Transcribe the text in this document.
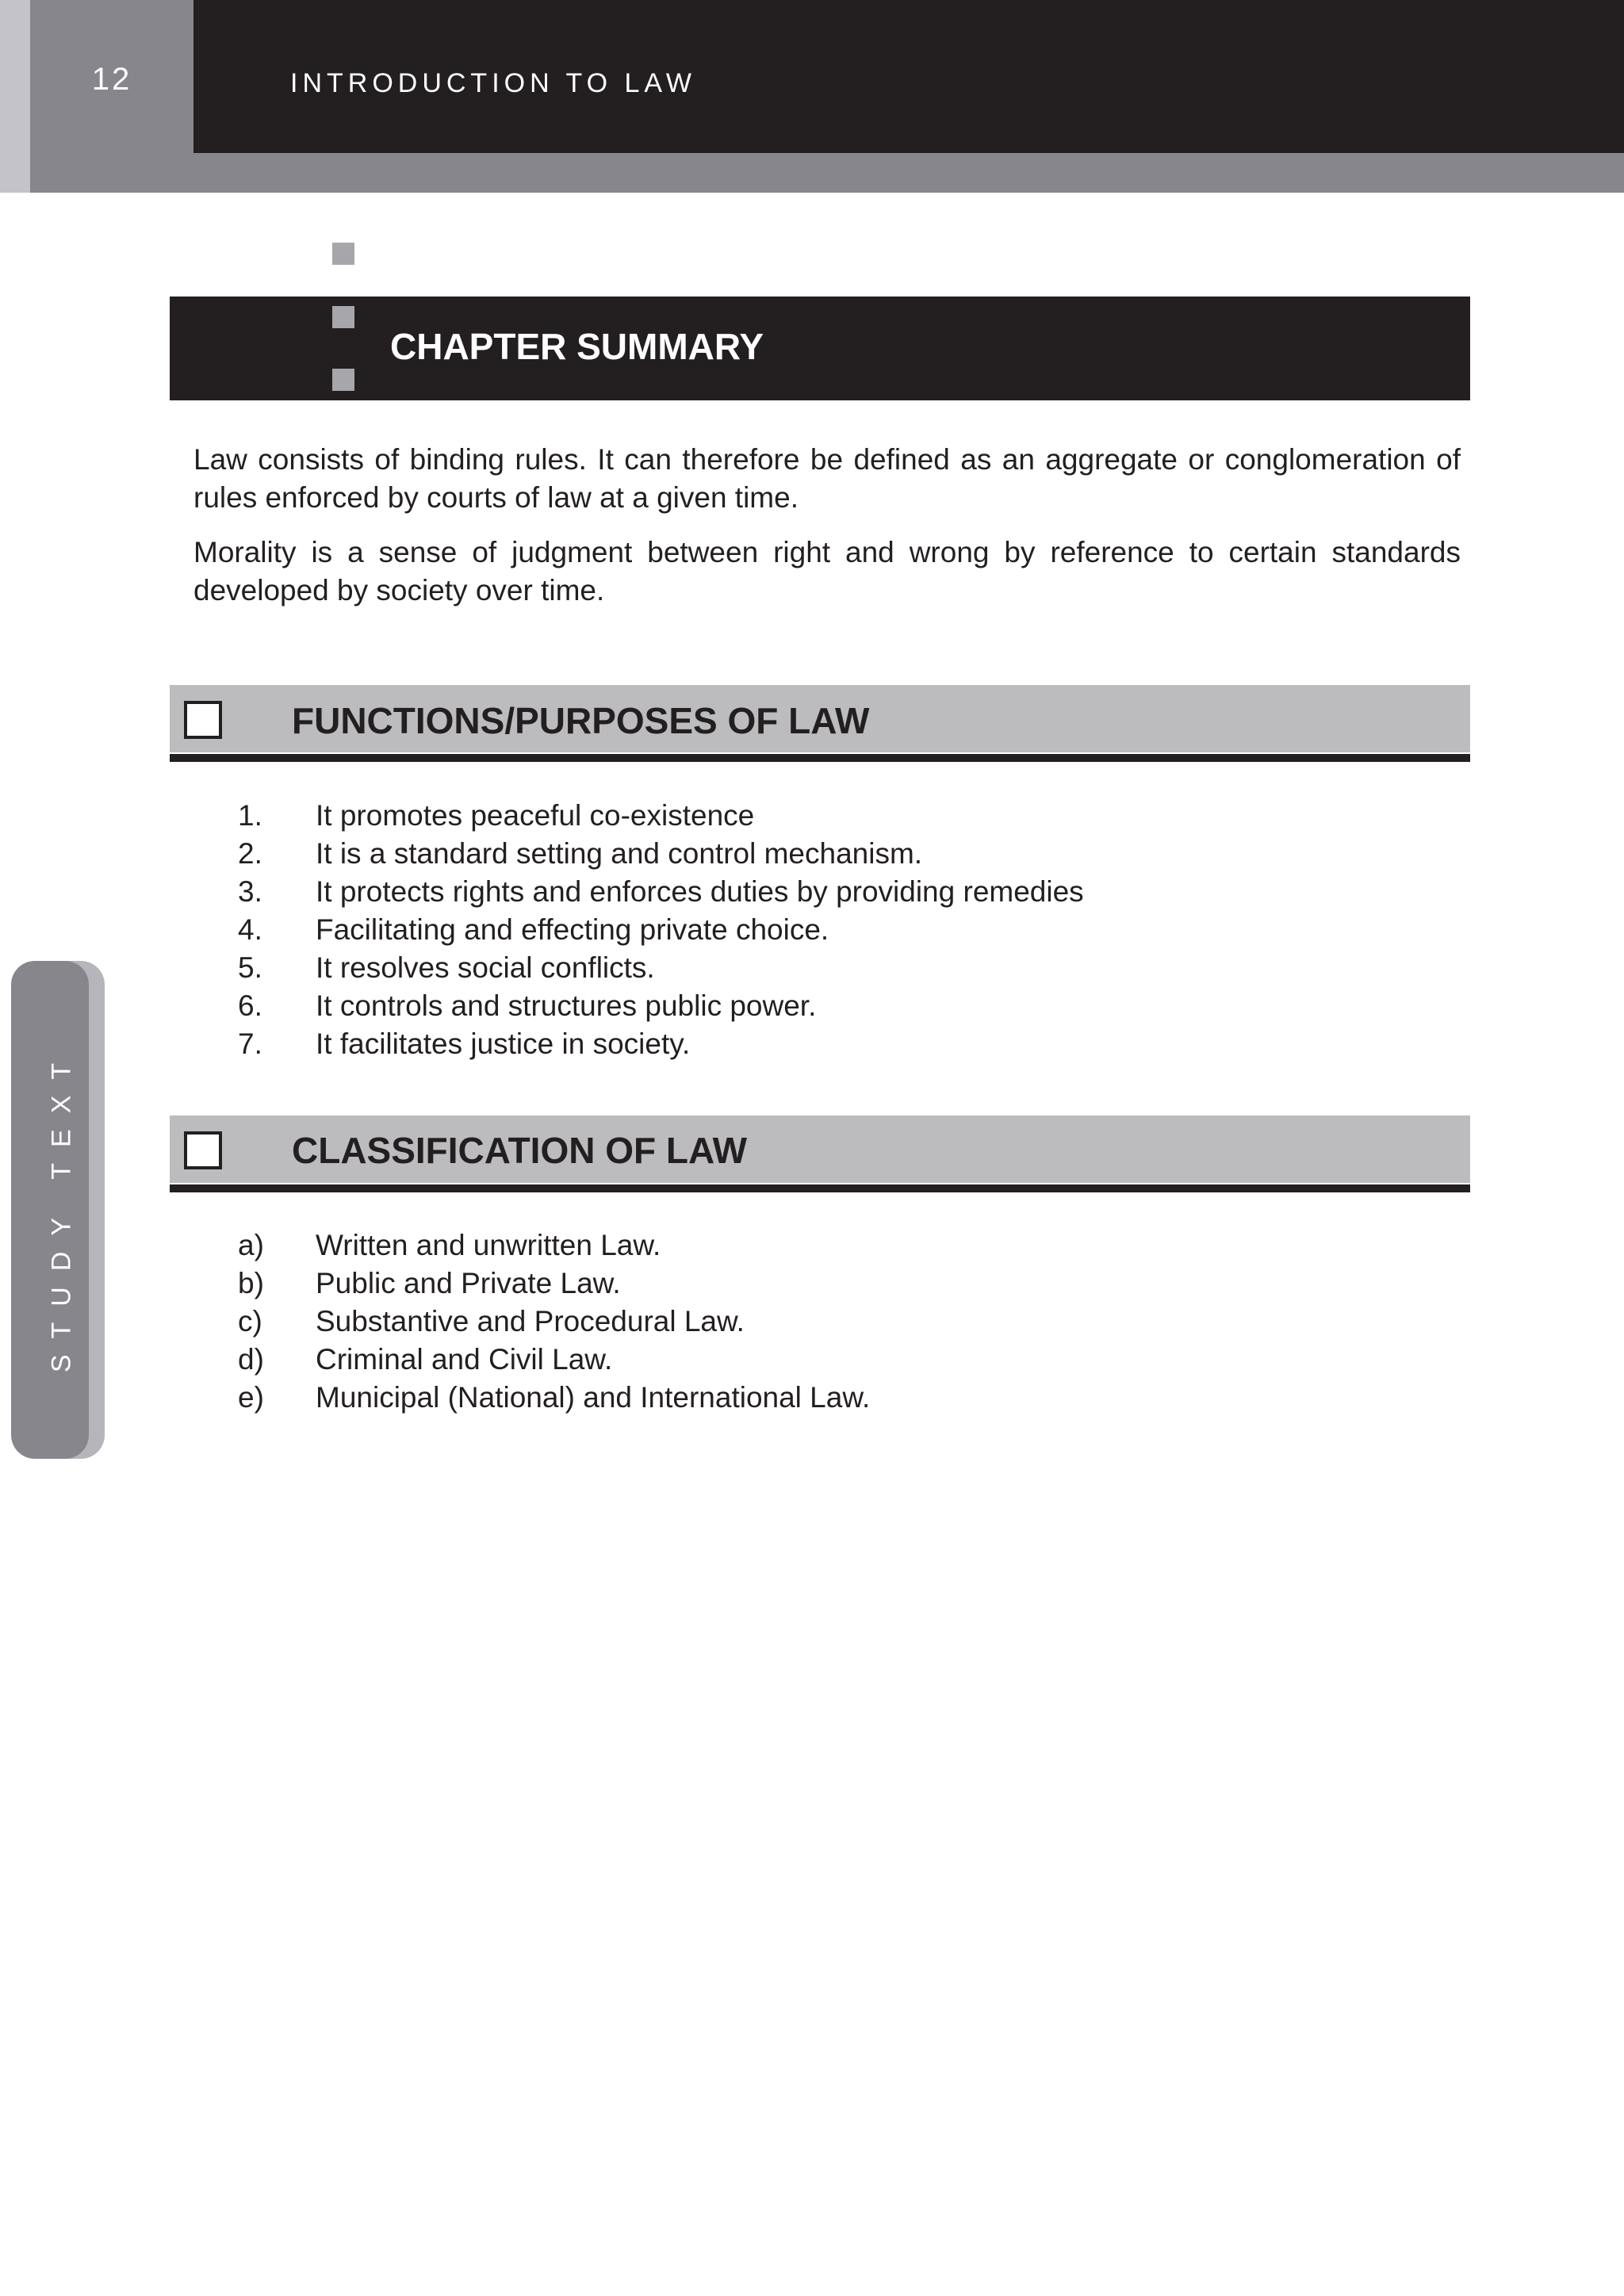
12	INTRODUCTION TO LAW
STUDY TEXT
CHAPTER SUMMARY

Law consists of binding rules. It can therefore be defined as an aggregate or conglomeration of rules enforced by courts of law at a given time.

Morality is a sense of judgment between right and wrong by reference to certain standards developed by society over time.

FUNCTIONS/PURPOSES OF LAW
1.	It promotes peaceful co-existence
2.	It is a standard setting and control mechanism.
3.	It protects rights and enforces duties by providing remedies
4.	Facilitating and effecting private choice.
5.	It resolves social conflicts.
6.	It controls and structures public power.
7.	It facilitates justice in society.
CLASSIFICATION OF LAW
a)	Written and unwritten Law.
b)	Public and Private Law.
c)	Substantive and Procedural Law.
d)	Criminal and Civil Law.
e)	Municipal (National) and International Law.
